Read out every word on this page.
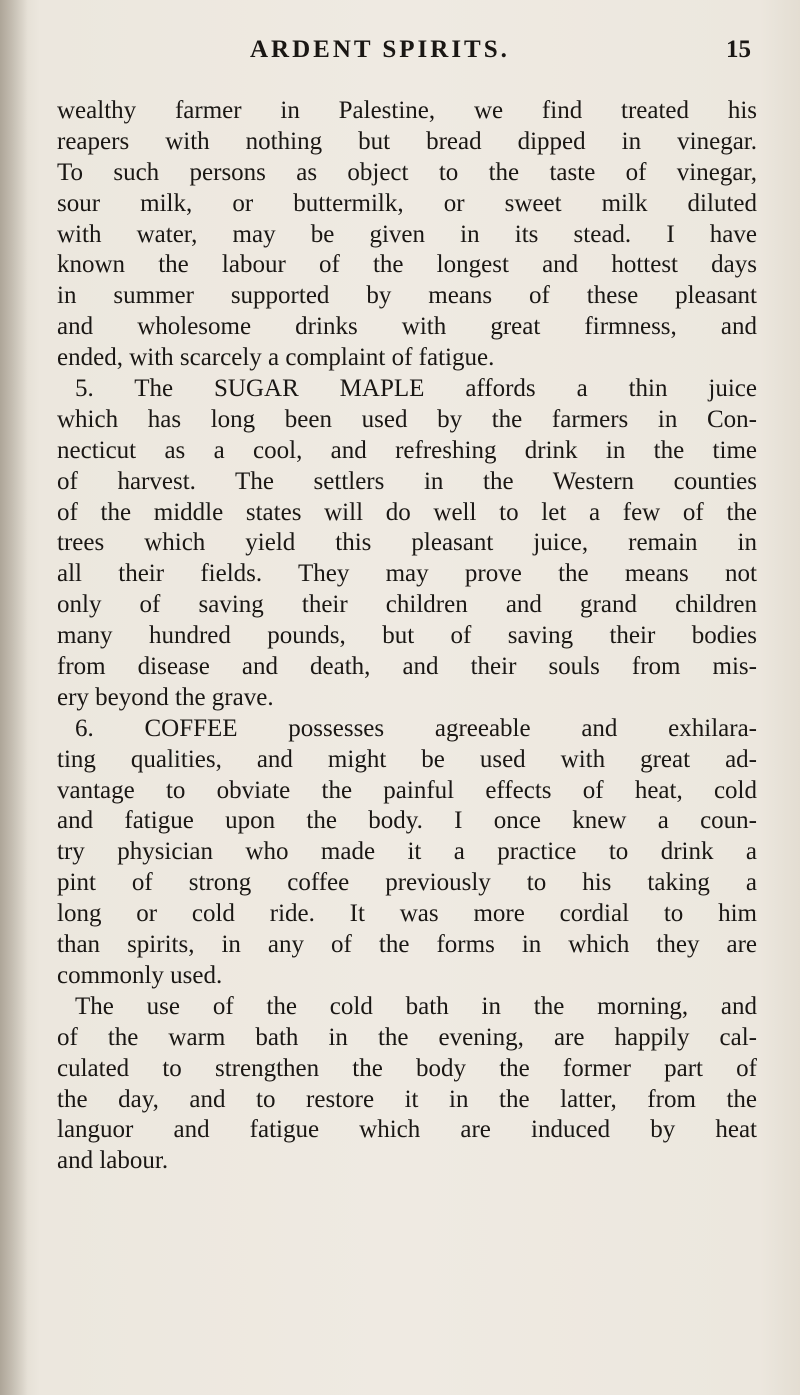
ARDENT SPIRITS.	15
wealthy farmer in Palestine, we find treated his
reapers with nothing but bread dipped in vinegar.
To such persons as object to the taste of vinegar,
sour milk, or buttermilk, or sweet milk diluted
with water, may be given in its stead. I have
known the labour of the longest and hottest days
in summer supported by means of these pleasant
and wholesome drinks with great firmness, and
ended, with scarcely a complaint of fatigue.
5. The SUGAR MAPLE affords a thin juice
which has long been used by the farmers in Con-
necticut as a cool, and refreshing drink in the time
of harvest. The settlers in the Western counties
of the middle states will do well to let a few of the
trees which yield this pleasant juice, remain in
all their fields. They may prove the means not
only of saving their children and grand children
many hundred pounds, but of saving their bodies
from disease and death, and their souls from mis-
ery beyond the grave.
6. COFFEE possesses agreeable and exhilara-
ting qualities, and might be used with great ad-
vantage to obviate the painful effects of heat, cold
and fatigue upon the body. I once knew a coun-
try physician who made it a practice to drink a
pint of strong coffee previously to his taking a
long or cold ride. It was more cordial to him
than spirits, in any of the forms in which they are
commonly used.
The use of the cold bath in the morning, and
of the warm bath in the evening, are happily cal-
culated to strengthen the body the former part of
the day, and to restore it in the latter, from the
languor and fatigue which are induced by heat
and labour.
